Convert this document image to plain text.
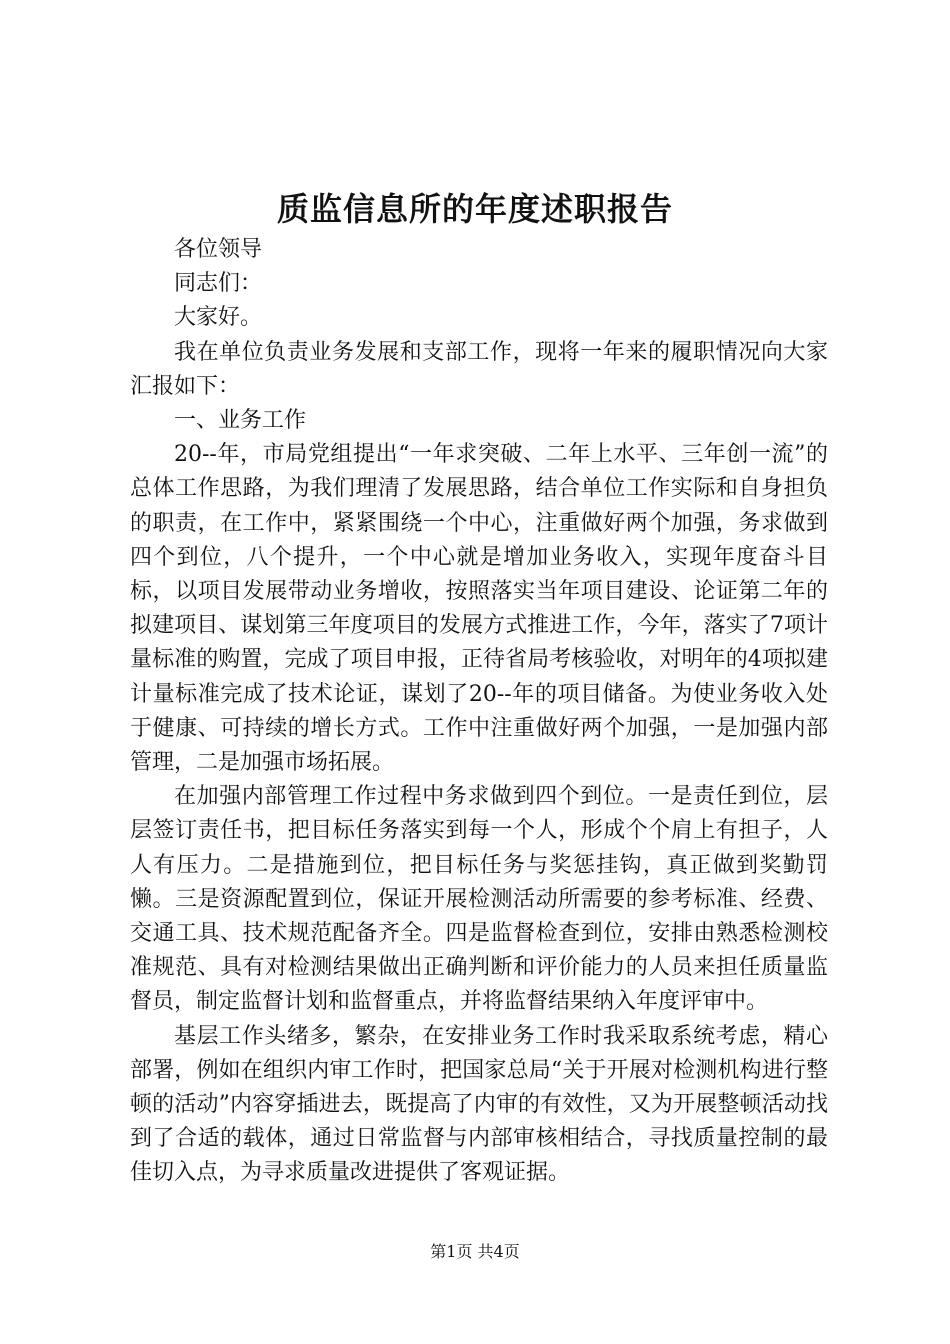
质监信息所的年度述职报告

各位领导

同志们：

大家好。

我在单位负责业务发展和支部工作，现将一年来的履职情况向大家汇报如下：

一、业务工作

20--年，市局党组提出“一年求突破、二年上水平、三年创一流”的总体工作思路，为我们理清了发展思路，结合单位工作实际和自身担负的职责，在工作中，紧紧围绕一个中心，注重做好两个加强，务求做到四个到位，八个提升，一个中心就是增加业务收入，实现年度奋斗目标，以项目发展带动业务增收，按照落实当年项目建设、论证第二年的拟建项目、谋划第三年度项目的发展方式推进工作，今年，落实了7项计量标准的购置，完成了项目申报，正待省局考核验收，对明年的4项拟建计量标准完成了技术论证，谋划了20--年的项目储备。为使业务收入处于健康、可持续的增长方式。工作中注重做好两个加强，一是加强内部管理，二是加强市场拓展。

在加强内部管理工作过程中务求做到四个到位。一是责任到位，层层签订责任书，把目标任务落实到每一个人，形成个个肩上有担子，人人有压力。二是措施到位，把目标任务与奖惩挂钩，真正做到奖勤罚懒。三是资源配置到位，保证开展检测活动所需要的参考标准、经费、交通工具、技术规范配备齐全。四是监督检查到位，安排由熟悉检测校准规范、具有对检测结果做出正确判断和评价能力的人员来担任质量监督员，制定监督计划和监督重点，并将监督结果纳入年度评审中。

基层工作头绪多，繁杂，在安排业务工作时我采取系统考虑，精心部署，例如在组织内审工作时，把国家总局“关于开展对检测机构进行整顿的活动”内容穿插进去，既提高了内审的有效性，又为开展整顿活动找到了合适的载体，通过日常监督与内部审核相结合，寻找质量控制的最佳切入点，为寻求质量改进提供了客观证据。

第1页 共4页
